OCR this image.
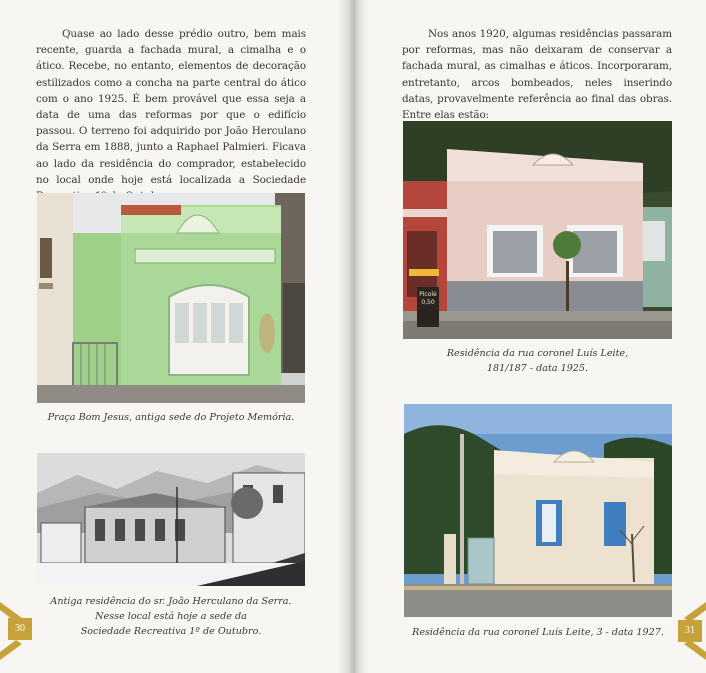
Quase ao lado desse prédio outro, bem mais recente, guarda a fachada mural, a cimalha e o ático. Recebe, no entanto, elementos de decoração estilizados como a concha na parte central do ático com o ano 1925. É bem provável que essa seja a data de uma das reformas por que o edifício passou. O terreno foi adquirido por João Herculano da Serra em 1888, junto a Raphael Palmieri. Ficava ao lado da residência do comprador, estabelecido no local onde hoje está localizada a Sociedade

Praça Bom Jesus, antiga sede do Projeto Memória.

Antiga residência do sr. João Herculano da Serra.

Nesse local está hoje a sede da

Sociedade Recreativa 1º de Outubro.

30

Nos anos 1920, algumas residências passaram por reformas, mas não deixaram de conservar a fachada mural, as cimalhas e áticos. Incorporaram, entretanto, arcos bombeados, neles inserindo datas, provavelmente referência ao final das obras. Entre elas estão:

Picolé
0,50

Residência da rua coronel Luís Leite,

181/187 - data 1925.

Residência da rua coronel Luís Leite, 3 - data 1927.	31
